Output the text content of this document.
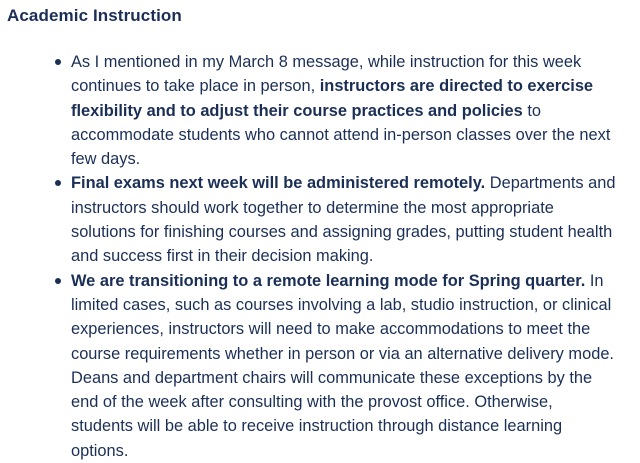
Academic Instruction
As I mentioned in my March 8 message, while instruction for this week continues to take place in person, instructors are directed to exercise flexibility and to adjust their course practices and policies to accommodate students who cannot attend in-person classes over the next few days.
Final exams next week will be administered remotely. Departments and instructors should work together to determine the most appropriate solutions for finishing courses and assigning grades, putting student health and success first in their decision making.
We are transitioning to a remote learning mode for Spring quarter. In limited cases, such as courses involving a lab, studio instruction, or clinical experiences, instructors will need to make accommodations to meet the course requirements whether in person or via an alternative delivery mode. Deans and department chairs will communicate these exceptions by the end of the week after consulting with the provost office. Otherwise, students will be able to receive instruction through distance learning options.
